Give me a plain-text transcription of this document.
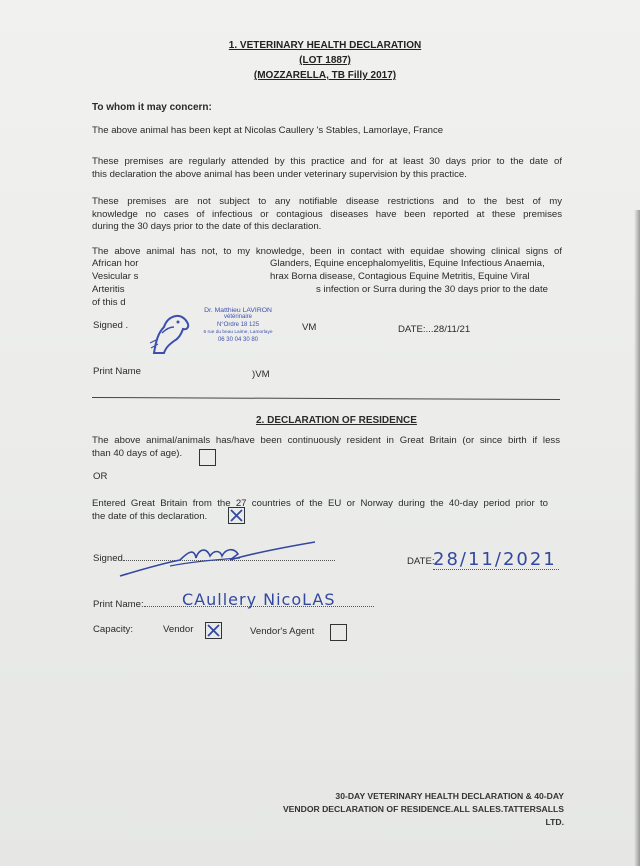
1. VETERINARY HEALTH DECLARATION
(LOT 1887)
(MOZZARELLA, TB Filly 2017)
To whom it may concern:
The above animal has been kept at Nicolas Caullery 's Stables, Lamorlaye, France
These premises are regularly attended by this practice and for at least 30 days prior to the date of
this declaration the above animal has been under veterinary supervision by this practice.
These premises are not subject to any notifiable disease restrictions and to the best of my
knowledge no cases of infectious or contagious diseases have been reported at these premises
during the 30 days prior to the date of this declaration.
The above animal has not, to my knowledge, been in contact with equidae showing clinical signs of
African hor	Glanders, Equine encephalomyelitis, Equine Infectious Anaemia,
Vesicular s	hrax Borna disease, Contagious Equine Metritis, Equine Viral
Arteritis	s infection or Surra during the 30 days prior to the date
of this d
Dr. Matthieu LAVIRON
vétérinaire
N°Ordre 18 125
6 rue du beau Laime, Lamorlaye
06 30 04 30 80
Signed .	VM	DATE:...28/11/21
Print Name	)VM
2. DECLARATION OF RESIDENCE
The above animal/animals has/have been continuously resident in Great Britain (or since birth if less
than 40 days of age).
OR
Entered Great Britain from the 27 countries of the EU or Norway during the 40-day period prior to
the date of this declaration.
Signed	DATE:
28/11/2021
Print Name:	CAullery NicoLAS
Capacity:	Vendor	Vendor's Agent
30-DAY VETERINARY HEALTH DECLARATION & 40-DAY
VENDOR DECLARATION OF RESIDENCE.ALL SALES.TATTERSALLS LTD.
